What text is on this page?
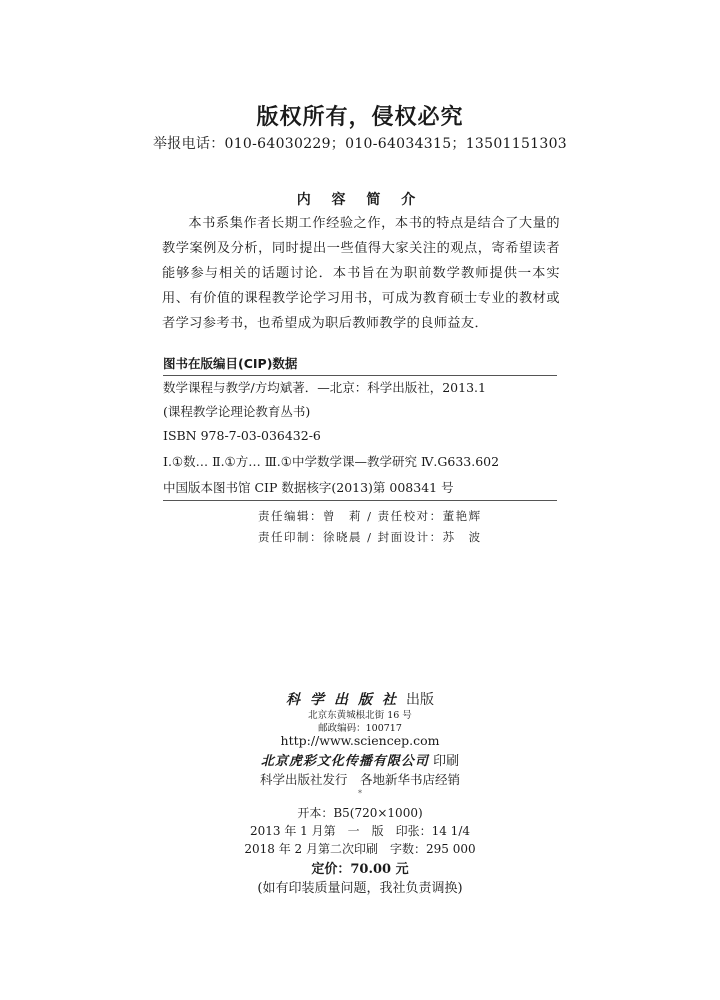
版权所有，侵权必究
举报电话：010-64030229；010-64034315；13501151303
内 容 简 介
本书系集作者长期工作经验之作，本书的特点是结合了大量的教学案例及分析，同时提出一些值得大家关注的观点，寄希望读者能够参与相关的话题讨论．本书旨在为职前数学教师提供一本实用、有价值的课程教学论学习用书，可成为教育硕士专业的教材或者学习参考书，也希望成为职后教师教学的良师益友．
图书在版编目(CIP)数据
数学课程与教学/方均斌著．—北京：科学出版社，2013.1
(课程教学论理论教育丛书)
ISBN 978-7-03-036432-6
Ⅰ.①数… Ⅱ.①方… Ⅲ.①中学数学课—教学研究 Ⅳ.G633.602
中国版本图书馆 CIP 数据核字(2013)第 008341 号
责任编辑：曾　莉 / 责任校对：董艳辉
责任印制：徐晓晨 / 封面设计：苏　波
科学出版社出版
北京东黄城根北街 16 号
邮政编码：100717
http://www.sciencep.com
北京虎彩文化传播有限公司 印刷
科学出版社发行　各地新华书店经销
*
开本：B5(720×1000)
2013 年 1 月第　一　版　印张：14 1/4
2018 年 2 月第二次印刷　字数：295 000
定价：70.00 元
(如有印装质量问题，我社负责调换)
